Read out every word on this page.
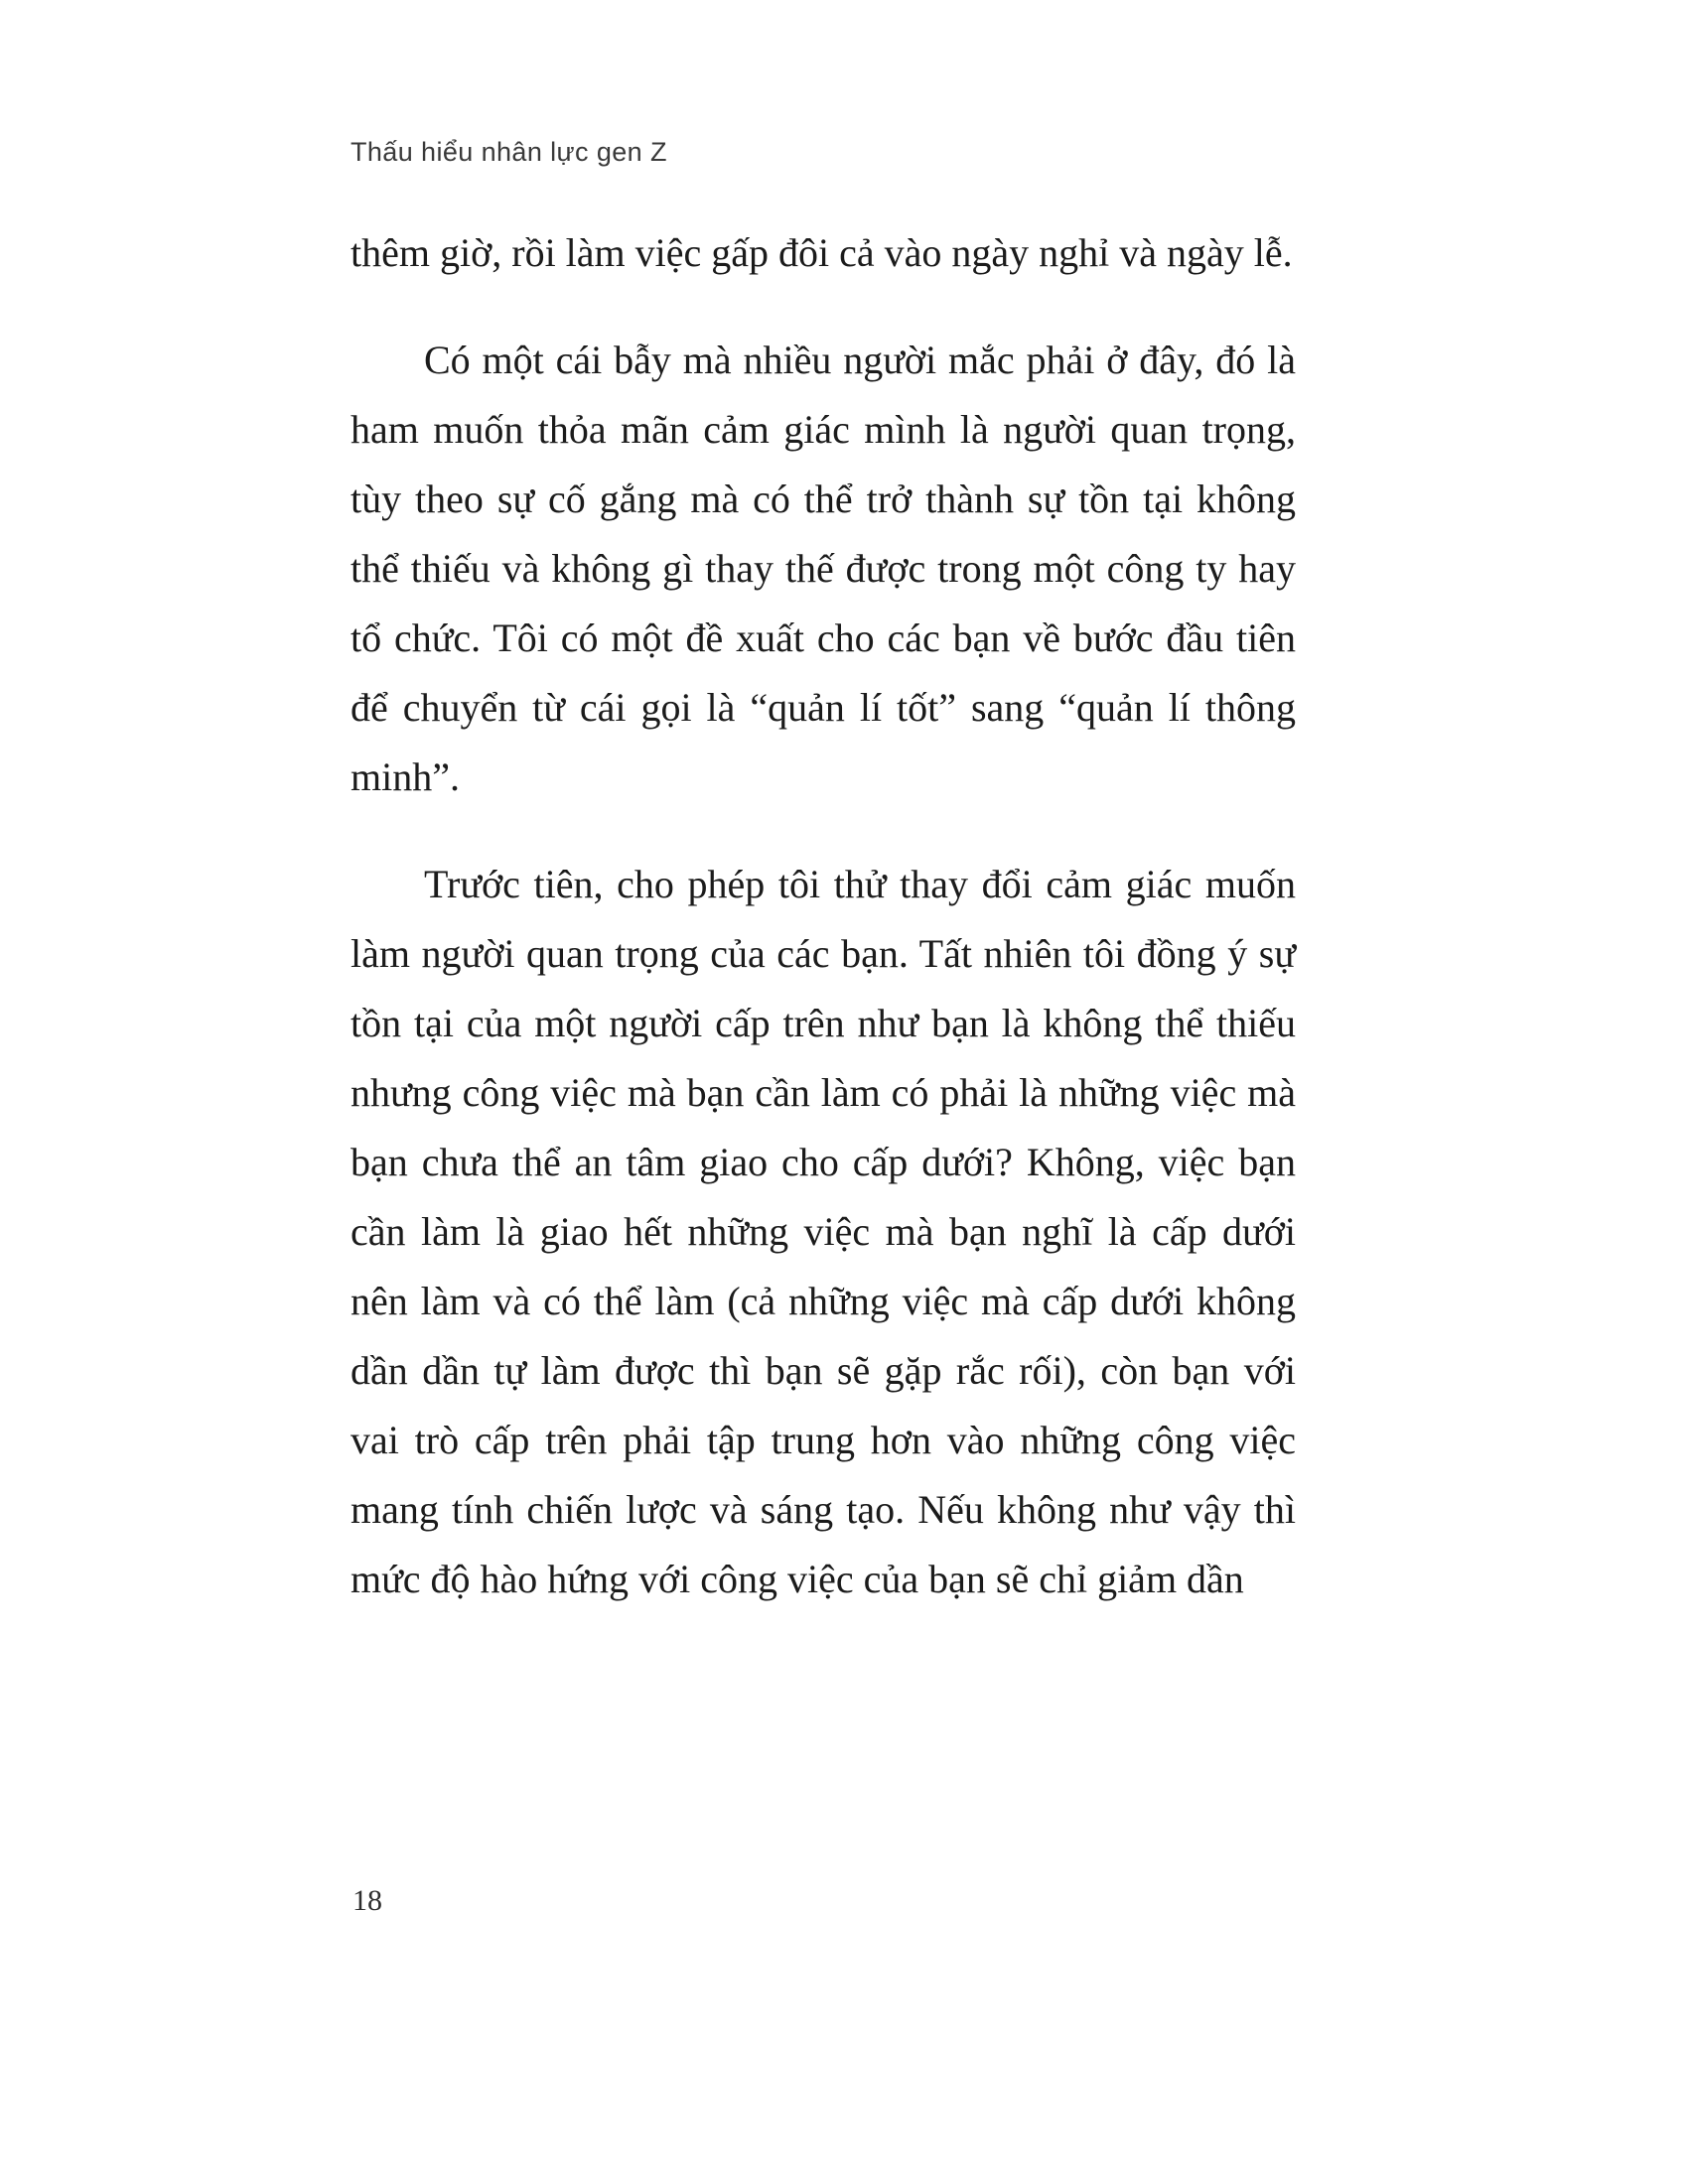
Thấu hiểu nhân lực gen Z

thêm giờ, rồi làm việc gấp đôi cả vào ngày nghỉ và ngày lễ.

Có một cái bẫy mà nhiều người mắc phải ở đây, đó là ham muốn thỏa mãn cảm giác mình là người quan trọng, tùy theo sự cố gắng mà có thể trở thành sự tồn tại không thể thiếu và không gì thay thế được trong một công ty hay tổ chức. Tôi có một đề xuất cho các bạn về bước đầu tiên để chuyển từ cái gọi là “quản lí tốt” sang “quản lí thông minh”.

Trước tiên, cho phép tôi thử thay đổi cảm giác muốn làm người quan trọng của các bạn. Tất nhiên tôi đồng ý sự tồn tại của một người cấp trên như bạn là không thể thiếu nhưng công việc mà bạn cần làm có phải là những việc mà bạn chưa thể an tâm giao cho cấp dưới? Không, việc bạn cần làm là giao hết những việc mà bạn nghĩ là cấp dưới nên làm và có thể làm (cả những việc mà cấp dưới không dần dần tự làm được thì bạn sẽ gặp rắc rối), còn bạn với vai trò cấp trên phải tập trung hơn vào những công việc mang tính chiến lược và sáng tạo. Nếu không như vậy thì mức độ hào hứng với công việc của bạn sẽ chỉ giảm dần

18
